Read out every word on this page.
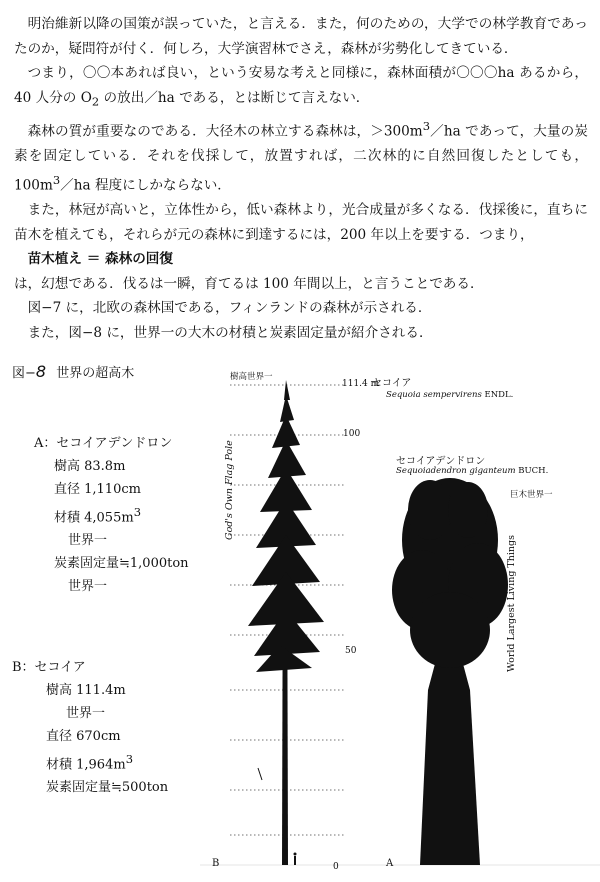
明治維新以降の国策が誤っていた，と言える．また，何のための，大学での林学教育であったのか，疑問符が付く．何しろ，大学演習林でさえ，森林が劣勢化してきている．

つまり，〇〇本あれば良い，という安易な考えと同様に，森林面積が〇〇〇ha あるから，40 人分の $O_2$ の放出／ha である，とは断じて言えない．

森林の質が重要なのである．大径木の林立する森林は，$>300m^3/ha$ であって，大量の炭素を固定している．それを伐採して，放置すれば，二次林的に自然回復したとしても，$100m^3/ha$ 程度にしかならない．

また，林冠が高いと，立体性から，低い森林より，光合成量が多くなる．伐採後に，直ちに苗木を植えても，それらが元の森林に到達するには，200 年以上を要する．つまり，

苗木植え ＝ 森林の回復

は，幻想である．伐るは一瞬，育てるは 100 年間以上，と言うことである．

図−7 に，北欧の森林国である，フィンランドの森林が示される．

また，図−8 に，世界一の大木の材積と炭素固定量が紹介される．

図−8 世界の超高木
A：セコイアデンドロン
樹高 83.8m
直径 1,110cm
材積 $4,055m^3$
世界一
炭素固定量≒1,000ton
世界一
B：セコイア
樹高 111.4m
世界一
直径 670cm
材積 $1,964m^3$
炭素固定量≒500ton
樹高世界一
111.4 m
100
50
0
God's Own Flag Pole
セコイア
Sequoia sempervirens ENDL.
セコイアデンドロン
Sequoiadendron giganteum BUCH.
巨木世界一
World Largest Living Things
B	A
